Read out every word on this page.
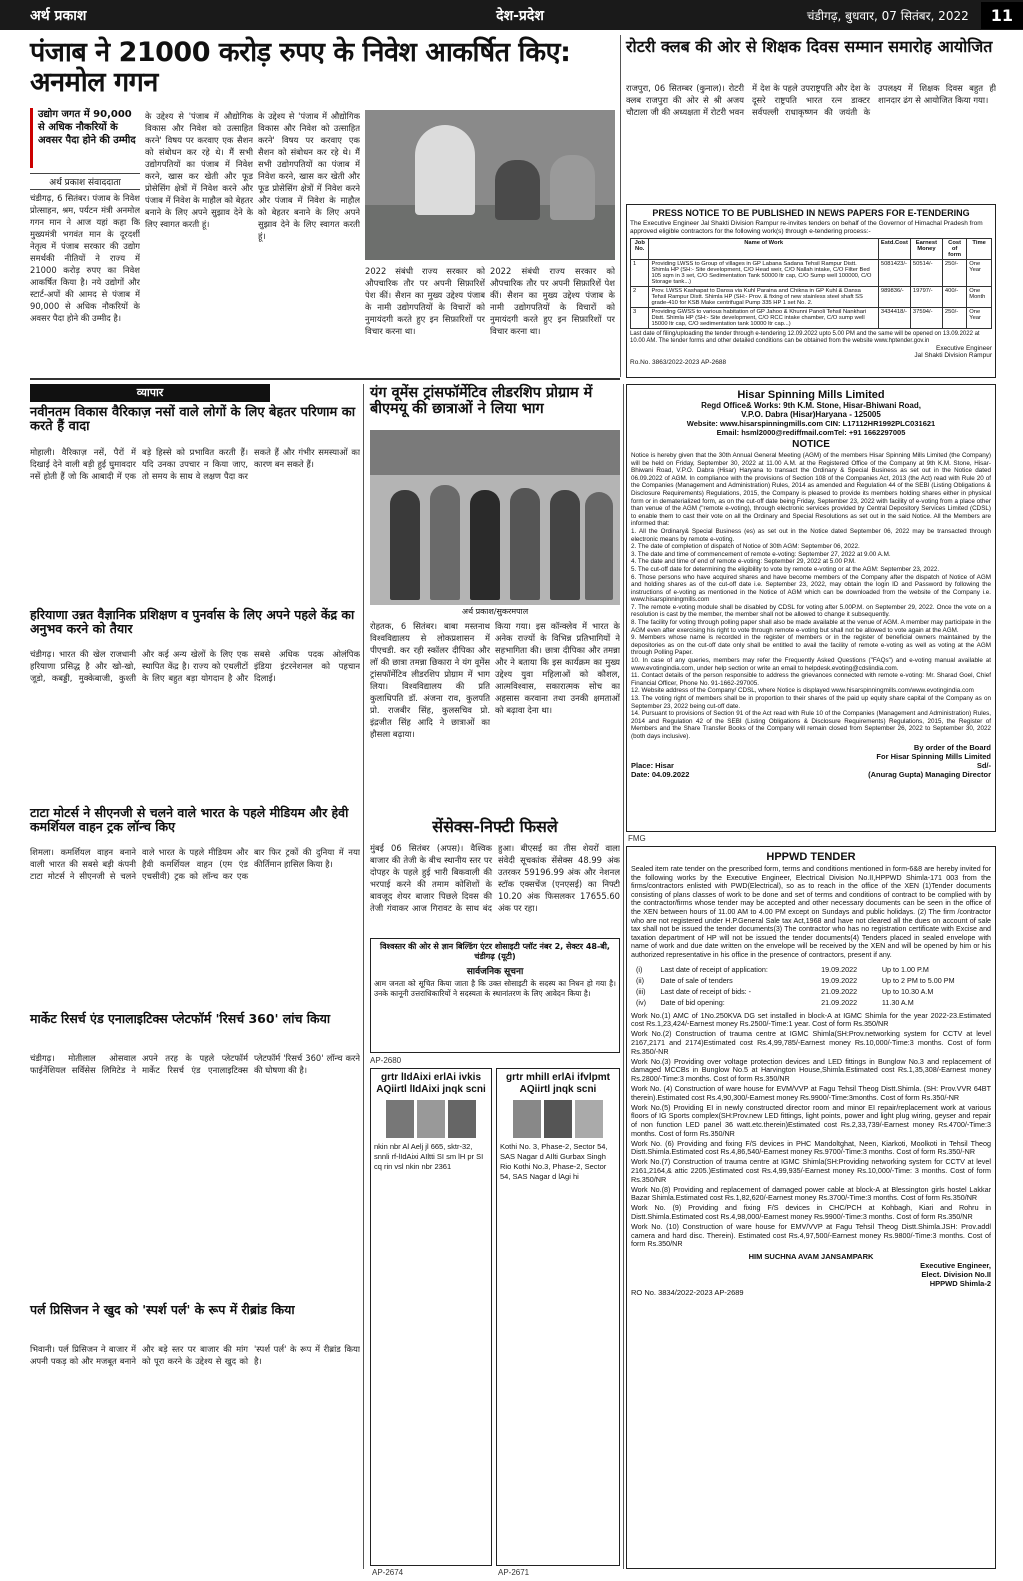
अर्थ प्रकाश	देश-प्रदेश	चंडीगढ़, बुधवार, 07 सितंबर, 2022	11
पंजाब ने 21000 करोड़ रुपए के निवेश आकर्षित किए: अनमोल गगन
उद्योग जगत में 90,000 से अधिक नौकरियों के अवसर पैदा होने की उम्मीद
अर्थ प्रकाश संवाददाता
चंडीगढ़, 6 सितंबर। पंजाब के निवेश प्रोत्साहन, श्रम, पर्यटन मंत्री अनमोल गगन मान ने आज यहां कहा कि मुख्यमंत्री भगवंत मान के दूरदर्शी नेतृत्व में पंजाब सरकार की उद्योग समर्थकी नीतियों ने राज्य में 21000 करोड़ रुपए का निवेश आकर्षित किया है। नये उद्योगों और स्टार्ट-अपों की आमद से पंजाब में 90,000 से अधिक नौकरियों के अवसर पैदा होने की उम्मीद है।
के उद्देश्य से 'पंजाब में औद्योगिक विकास और निवेश को उत्साहित करने' विषय पर करवाए एक सैशन को संबोधन कर रहे थे। मैं सभी उद्योगपतियों का पंजाब में निवेश करने, खास कर खेती और फूड प्रोसेसिंग क्षेत्रों में निवेश करने और पंजाब में निवेश के माहौल को बेहतर बनाने के लिए अपने सुझाव देने के लिए स्वागत करती हूं।
के उद्देश्य से 'पंजाब में औद्योगिक विकास और निवेश को उत्साहित करने' विषय पर करवाए एक सैशन को संबोधन कर रहे थे। मैं सभी उद्योगपतियों का पंजाब में निवेश करने, खास कर खेती और फूड प्रोसेसिंग क्षेत्रों में निवेश करने और पंजाब में निवेश के माहौल को बेहतर बनाने के लिए अपने सुझाव देने के लिए स्वागत करती हूं।
2022 संबंधी राज्य सरकार को औपचारिक तौर पर अपनी सिफ़ारिशें पेश कीं। सैशन का मुख्य उद्देश्य पंजाब के नामी उद्योगपतियों के विचारों को नुमायंदगी करते हुए इन सिफ़ारिशों पर विचार करना था।
2022 संबंधी राज्य सरकार को औपचारिक तौर पर अपनी सिफ़ारिशें पेश कीं। सैशन का मुख्य उद्देश्य पंजाब के नामी उद्योगपतियों के विचारों को नुमायंदगी करते हुए इन सिफ़ारिशों पर विचार करना था।
रोटरी क्लब की ओर से शिक्षक दिवस सम्मान समारोह आयोजित
राजपुरा, 06 सितम्बर (कुनाल)। रोटरी क्लब राजपुरा की ओर से श्री अजय चौटाला जी की अध्यक्षता में रोटरी भवन में देश के पहले उपराष्ट्रपति और देश के दूसरे राष्ट्रपति भारत रत्न डाक्टर सर्वपल्ली राधाकृष्णन की जयंती के उपलक्ष्य में शिक्षक दिवस बहुत ही शानदार ढंग से आयोजित किया गया।
PRESS NOTICE TO BE PUBLISHED IN NEWS PAPERS FOR E-TENDERING
The Executive Engineer Jal Shakti Division Rampur re-invites tenders on behalf of the Governor of Himachal Pradesh from approved eligible contractors for the following work(s) through e-tendering process:-
Job No.	Name of Work	Estd.Cost	Earnest Money	Cost of form	Time
1	Providing LWSS to Group of villages in GP Labana Sadana Tehsil Rampur Distt. Shimla HP (SH:- Site development, C/O Head weir, C/O Nallah intake, C/O Filter Bed 105 sqm in 3 set, C/O Sedimentation Tank 50000 ltr cap, C/O Sump well 100000, C/O Storage tank...)	5081423/-	50514/-	250/-	One Year
2	Prov. LWSS Kashapat to Dansa via Kuhl Paraina and Chikna in GP Kuhl & Dansa Tehsil Rampur Distt. Shimla HP (SH:- Prov. & fixing of new stainless steel shaft SS grade-410 for KSB Make centrifugal Pump 335 HP 1 set No. 2.	989836/-	19797/-	400/-	One Month
3	Providing GWSS to various habitation of GP Jahoo & Khunni Panoli Tehsil Nankhari Distt. Shimla HP (SH:- Site development, C/O RCC intake chamber, C/O sump well 15000 ltr cap, C/O sedimentation tank 10000 ltr cap...)	3434418/-	37594/-	250/-	One Year
Last date of filing/uploading the tender through e-tendering 12.09.2022 upto 5.00 PM and the same will be opened on 13.09.2022 at 10.00 AM. The tender forms and other detailed conditions can be obtained from the website www.hptender.gov.in
Executive Engineer
Jal Shakti Division Rampur
Ro.No. 3863/2022-2023 AP-2688
व्यापार
नवीनतम विकास वैरिकाज़ नसों वाले लोगों के लिए बेहतर परिणाम का करते हैं वादा
मोहाली। वैरिकाज़ नसें, पैरों में दिखाई देने वाली बड़ी हुई घुमावदार नसें होती हैं जो कि आबादी में एक बड़े हिस्से को प्रभावित करती हैं। यदि उनका उपचार न किया जाए, तो समय के साथ वे लक्षण पैदा कर सकते हैं और गंभीर समस्याओं का कारण बन सकते हैं।
हरियाणा उन्नत वैज्ञानिक प्रशिक्षण व पुनर्वास के लिए अपने पहले केंद्र का अनुभव करने को तैयार
चंडीगढ़। भारत की खेल राजधानी हरियाणा प्रसिद्ध है और खो-खो, जूडो, कबड्डी, मुक्केबाजी, कुश्ती और कई अन्य खेलों के लिए एक स्थापित केंद्र है। राज्य को एथलीटों के लिए बहुत बड़ा योगदान है और सबसे अधिक पदक ओलंपिक इंडिया इंटरनेशनल को पहचान दिलाई।
टाटा मोटर्स ने सीएनजी से चलने वाले भारत के पहले मीडियम और हेवी कमर्शियल वाहन ट्रक लॉन्च किए
शिमला। कमर्शियल वाहन बनाने वाली भारत की सबसे बड़ी कंपनी टाटा मोटर्स ने सीएनजी से चलने वाले भारत के पहले मीडियम और हैवी कमर्शियल वाहन (एम एंड एचसीवी) ट्रक को लॉन्च कर एक बार फिर ट्रकों की दुनिया में नया कीर्तिमान हासिल किया है।
मार्केट रिसर्च एंड एनालाइटिक्स प्लेटफॉर्म 'रिसर्च 360' लांच किया
चंडीगढ़। मोतीलाल ओसवाल फाईनेंशियल सर्विसेस लिमिटेड ने अपने तरह के पहले प्लेटफॉर्म मार्केट रिसर्च एंड एनालाइटिक्स प्लेटफॉर्म 'रिसर्च 360' लॉन्च करने की घोषणा की है।
पर्ल प्रिसिजन ने खुद को 'स्पर्श पर्ल' के रूप में रीब्रांड किया
भिवानी। पर्ल प्रिसिजन ने बाजार में अपनी पकड़ को और मजबूत बनाने और बड़े स्तर पर बाजार की मांग को पूरा करने के उद्देश्य से खुद को 'स्पर्श पर्ल' के रूप में रीब्रांड किया है।
यंग वूमेंस ट्रांसफॉर्मेटिव लीडरशिप प्रोग्राम में बीएमयू की छात्राओं ने लिया भाग
अर्थ प्रकाश/सुकरमपाल
रोहतक, 6 सितंबर। बाबा मस्तनाथ विश्वविद्यालय से लोकप्रशासन में पीएचडी. कर रही स्कॉलर दीपिका और लॉ की छात्रा तमन्ना छिकारा ने यंग वूमेंस ट्रांसफॉर्मेटिव लीडरशिप प्रोग्राम में भाग लिया। विश्वविद्यालय की प्रति कुलाधिपति डॉ. अंजना राव, कुलपति प्रो. राजबीर सिंह, कुलसचिव प्रो. इंद्रजीत सिंह आदि ने छात्राओं का हौसला बढ़ाया।
किया गया। इस कॉन्क्लेव में भारत के अनेक राज्यों के विभिन्न प्रतिभागियों ने सहभागिता की। छात्रा दीपिका और तमन्ना और ने बताया कि इस कार्यक्रम का मुख्य उद्देश्य युवा महिलाओं को कौशल, आत्मविश्वास, सकारात्मक सोच का अहसास करवाना तथा उनकी क्षमताओं को बढ़ावा देना था।
सेंसेक्स-निफ्टी फिसले
मुंबई 06 सितंबर (अपस)। वैश्विक बाजार की तेजी के बीच स्थानीय स्तर पर दोपहर के पहले हुई भारी बिकवाली की भरपाई करने की तमाम कोशिशों के बावजूद शेयर बाजार पिछले दिवस की तेजी गंवाकर आज गिरावट के साथ बंद हुआ। बीएसई का तीस शेयरों वाला संवेदी सूचकांक सेंसेक्स 48.99 अंक उतरकर 59196.99 अंक और नेशनल स्टॉक एक्सचेंज (एनएसई) का निफ्टी 10.20 अंक फिसलकर 17655.60 अंक पर रहा।
विश्वस्तर की ओर से ज्ञान बिल्डिंग एंटर शोसाइटी प्लॉट नंबर 2, सेक्टर 48-बी, चंडीगढ़ (यूटी)
सार्वजनिक सूचना
आम जनता को सूचित किया जाता है कि उक्त सोसाइटी के सदस्य का निधन हो गया है। उनके कानूनी उत्तराधिकारियों ने सदस्यता के स्थानांतरण के लिए आवेदन किया है।
AP-2680
grtr lIdAixi erlAi ivkis AQiirtl lIdAixi jnqk scni
nkin nbr Al Aelj jl 665, sktr-32, snnli rf-lIdAixi AIltti SI sm lH pr SI cq rin vsl nkin nbr 2361
grtr mhilI erlAi ifvlpmt AQiirtl jnqk scni
Kothi No. 3, Phase-2, Sector 54, SAS Nagar d AIlti Gurbax Singh Rio Kothi No.3, Phase-2, Sector 54, SAS Nagar d lAgi hi
AP-2674	AP-2671
Hisar Spinning Mills Limited
Regd Office& Works: 9th K.M. Stone, Hisar-Bhiwani Road,
V.P.O. Dabra (Hisar)Haryana - 125005
Website: www.hisarspinningmills.com CIN: L17112HR1992PLC031621
Email: hsml2000@rediffmail.comTel: +91 1662297005
NOTICE
Notice is hereby given that the 30th Annual General Meeting (AGM) of the members Hisar Spinning Mills Limited (the Company) will be held on Friday, September 30, 2022 at 11.00 A.M. at the Registered Office of the Company at 9th K.M. Stone, Hisar-Bhiwani Road, V.P.O. Dabra (Hisar) Haryana to transact the Ordinary & Special Business as set out in the Notice dated 06.09.2022 of AGM. In compliance with the provisions of Section 108 of the Companies Act, 2013 (the Act) read with Rule 20 of the Companies (Management and Administration) Rules, 2014 as amended and Regulation 44 of the SEBI (Listing Obligations & Disclosure Requirements) Regulations, 2015, the Company is pleased to provide its members holding shares either in physical form or in dematerialized form, as on the cut-off date being Friday, September 23, 2022 with facility of e-voting from a place other than venue of the AGM ("remote e-voting), through electronic services provided by Central Depository Services Limited (CDSL) to enable them to cast their vote on all the Ordinary and Special Resolutions as set out in the said Notice. All the Members are informed that:
1. All the Ordinary& Special Business (es) as set out in the Notice dated September 06, 2022 may be transacted through electronic means by remote e-voting.
2. The date of completion of dispatch of Notice of 30th AGM: September 06, 2022.
3. The date and time of commencement of remote e-voting: September 27, 2022 at 9.00 A.M.
4. The date and time of end of remote e-voting: September 29, 2022 at 5.00 P.M.
5. The cut-off date for determining the eligibility to vote by remote e-voting or at the AGM: September 23, 2022.
6. Those persons who have acquired shares and have become members of the Company after the dispatch of Notice of AGM and holding shares as of the cut-off date i.e. September 23, 2022, may obtain the login ID and Password by following the instructions of e-voting as mentioned in the Notice of AGM which can be downloaded from the website of the Company i.e. www.hisarspinningmills.com
7. The remote e-voting module shall be disabled by CDSL for voting after 5.00P.M. on September 29, 2022. Once the vote on a resolution is cast by the member, the member shall not be allowed to change it subsequently.
8. The facility for voting through polling paper shall also be made available at the venue of AGM. A member may participate in the AGM even after exercising his right to vote through remote e-voting but shall not be allowed to vote again at the AGM.
9. Members whose name is recorded in the register of members or in the register of beneficial owners maintained by the depositories as on the cut-off date only shall be entitled to avail the facility of remote e-voting as well as voting at the AGM through Polling Paper.
10. In case of any queries, members may refer the Frequently Asked Questions ("FAQs") and e-voting manual available at www.evotingindia.com, under help section or write an email to helpdesk.evoting@cdslindia.com.
11. Contact details of the person responsible to address the grievances connected with remote e-voting: Mr. Sharad Goel, Chief Financial Officer, Phone No. 91-1662-297005.
12. Website address of the Company/ CDSL, where Notice is displayed www.hisarspinningmills.com/www.evotingindia.com
13. The voting right of members shall be in proportion to their shares of the paid up equity share capital of the Company as on September 23, 2022 being cut-off date.
14. Pursuant to provisions of Section 91 of the Act read with Rule 10 of the Companies (Management and Administration) Rules, 2014 and Regulation 42 of the SEBI (Listing Obligations & Disclosure Requirements) Regulations, 2015, the Register of Members and the Share Transfer Books of the Company will remain closed from September 26, 2022 to September 30, 2022 (both days inclusive).
By order of the Board
For Hisar Spinning Mills Limited
Place: Hisar
Date: 04.09.2022
Sd/-
(Anurag Gupta) Managing Director
FMG
HPPWD TENDER
Sealed item rate tender on the prescribed form, terms and conditions mentioned in form-6&8 are hereby invited for the following works by the Executive Engineer, Electrical Division No.II,HPPWD Shimla-171 003 from the firms/contractors enlisted with PWD(Electrical), so as to reach in the office of the XEN (1)Tender documents consisting of plans classes of work to be done and set of terms and conditions of contract to be complied with by the contractor/firms whose tender may be accepted and other necessary documents can be seen in the office of the XEN between hours of 11.00 AM to 4.00 PM except on Sundays and public holidays. (2) The firm /contractor who are not registered under H.P.General Sale tax Act,1968 and have not cleared all the dues on account of sale tax shall not be issued the tender documents(3) The contractor who has no registration certificate with Excise and taxation department of HP will not be issued the tender documents(4) Tenders placed in sealed envelope with name of work and due date written on the envelope will be received by the XEN and will be opened by him or his authorized representative in his office in the presence of contractors, present if any.
(i)	Last date of receipt of application:	19.09.2022	Up to 1.00 P.M
(ii)	Date of sale of tenders	19.09.2022	Up to 2 PM to 5.00 PM
(iii)	Last date of receipt of bids: -	21.09.2022	Up to 10.30 A.M
(iv)	Date of bid opening:	21.09.2022	11.30 A.M
Work No.(1) AMC of 1No.250KVA DG set installed in block-A at IGMC Shimla for the year 2022-23.Estimated cost Rs.1,23,424/-Earnest money Rs.2500/-Time:1 year. Cost of form Rs.350/NR
Work No.(2) Construction of trauma centre at IGMC Shimla(SH:Prov.networking system for CCTV at level 2167,2171 and 2174)Estimated cost Rs.4,99,785/-Earnest money Rs.10,000/-Time:3 months. Cost of form Rs.350/-NR
Work No.(3) Providing over voltage protection devices and LED fittings in Bunglow No.3 and replacement of damaged MCCBs in Bunglow No.5 at Harvington House,Shimla.Estimated cost Rs.1,35,308/-Earnest money Rs.2800/-Time:3 months. Cost of form Rs.350/NR
Work No. (4) Construction of ware house for EVM/VVP at Fagu Tehsil Theog Distt.Shimla. (SH: Prov.VVR 64BT therein).Estimated cost Rs.4,90,300/-Earnest money Rs.9900/-Time:3months. Cost of form Rs.350/-NR
Work No.(5) Providing EI in newly constructed director room and minor EI repair/replacement work at various floors of IG Sports complex(SH:Prov.new LED fittings, light points, power and light plug wiring, geyser and repair of non function LED panel 36 watt.etc.therein)Estimated cost Rs.2,33,739/-Earnest money Rs.4700/-Time:3 months. Cost of form Rs.350/NR
Work No. (6) Providing and fixing F/S devices in PHC Mandoltghat, Neen, Kiarkoti, Moolkoti in Tehsil Theog Distt.Shimla.Estimated cost Rs.4,86,540/-Earnest money Rs.9700/-Time:3 months. Cost of form Rs.350/-NR
Work No.(7) Construction of trauma centre at IGMC Shimla(SH:Providing networking system for CCTV at level 2161,2164,& attic 2205.)Estimated cost Rs.4,99,935/-Earnest money Rs.10,000/-Time: 3 months. Cost of form Rs.350/NR
Work No.(8) Providing and replacement of damaged power cable at block-A at Blessington girls hostel Lakkar Bazar Shimla.Estimated cost Rs.1,82,620/-Earnest money Rs.3700/-Time:3 months. Cost of form Rs.350/NR
Work No. (9) Providing and fixing F/S devices in CHC/PCH at Kohbagh, Kiari and Rohru in Distt.Shimla.Estimated cost Rs.4,98,000/-Earnest money Rs.9900/-Time:3 months. Cost of form Rs.350/NR
Work No. (10) Construction of ware house for EMV/VVP at Fagu Tehsil Theog Distt.Shimla.JSH: Prov.addl camera and hard disc. Therein). Estimated cost Rs.4,97,500/-Earnest money Rs.9800/-Time:3 months. Cost of form Rs.350/NR
HIM SUCHNA AVAM JANSAMPARK
Executive Engineer,
Elect. Division No.II
HPPWD Shimla-2
RO No. 3834/2022-2023 AP-2689
